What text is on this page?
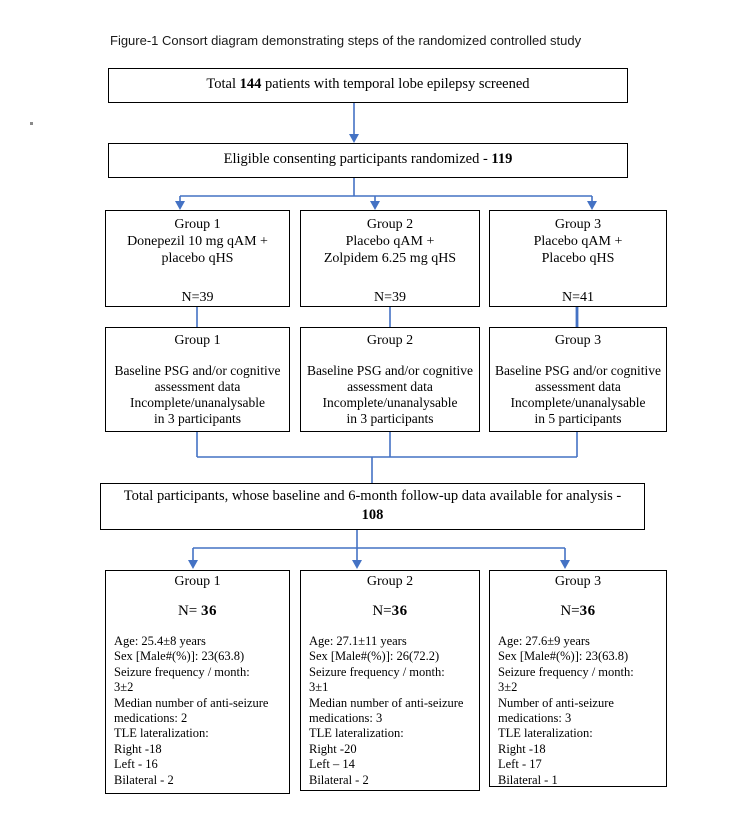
Figure-1 Consort diagram demonstrating steps of the randomized controlled study
Total 144 patients with temporal lobe epilepsy screened
Eligible consenting participants randomized - 119
Group 1
Donepezil 10 mg qAM +
placebo qHS
N=39
Group 2
Placebo qAM +
Zolpidem 6.25 mg qHS
N=39
Group 3
Placebo qAM +
Placebo qHS
N=41
Group 1
Baseline PSG and/or cognitive
assessment data
Incomplete/unanalysable
in 3 participants
Group 2
Baseline PSG and/or cognitive
assessment data
Incomplete/unanalysable
in 3 participants
Group 3
Baseline PSG and/or cognitive
assessment data
Incomplete/unanalysable
in 5 participants
Total participants, whose baseline and 6-month follow-up data available for analysis -
108
Group 1
N= 36
Age: 25.4±8 years
Sex [Male#(%)]: 23(63.8)
Seizure frequency / month:
3±2
Median number of anti-seizure
medications: 2
TLE lateralization:
Right -18
Left - 16
Bilateral - 2
Group 2
N=36
Age: 27.1±11 years
Sex [Male#(%)]: 26(72.2)
Seizure frequency / month:
3±1
Median number of anti-seizure
medications: 3
TLE lateralization:
Right -20
Left – 14
Bilateral - 2
Group 3
N=36
Age: 27.6±9 years
Sex [Male#(%)]: 23(63.8)
Seizure frequency / month:
3±2
Number of anti-seizure
medications: 3
TLE lateralization:
Right -18
Left - 17
Bilateral - 1
